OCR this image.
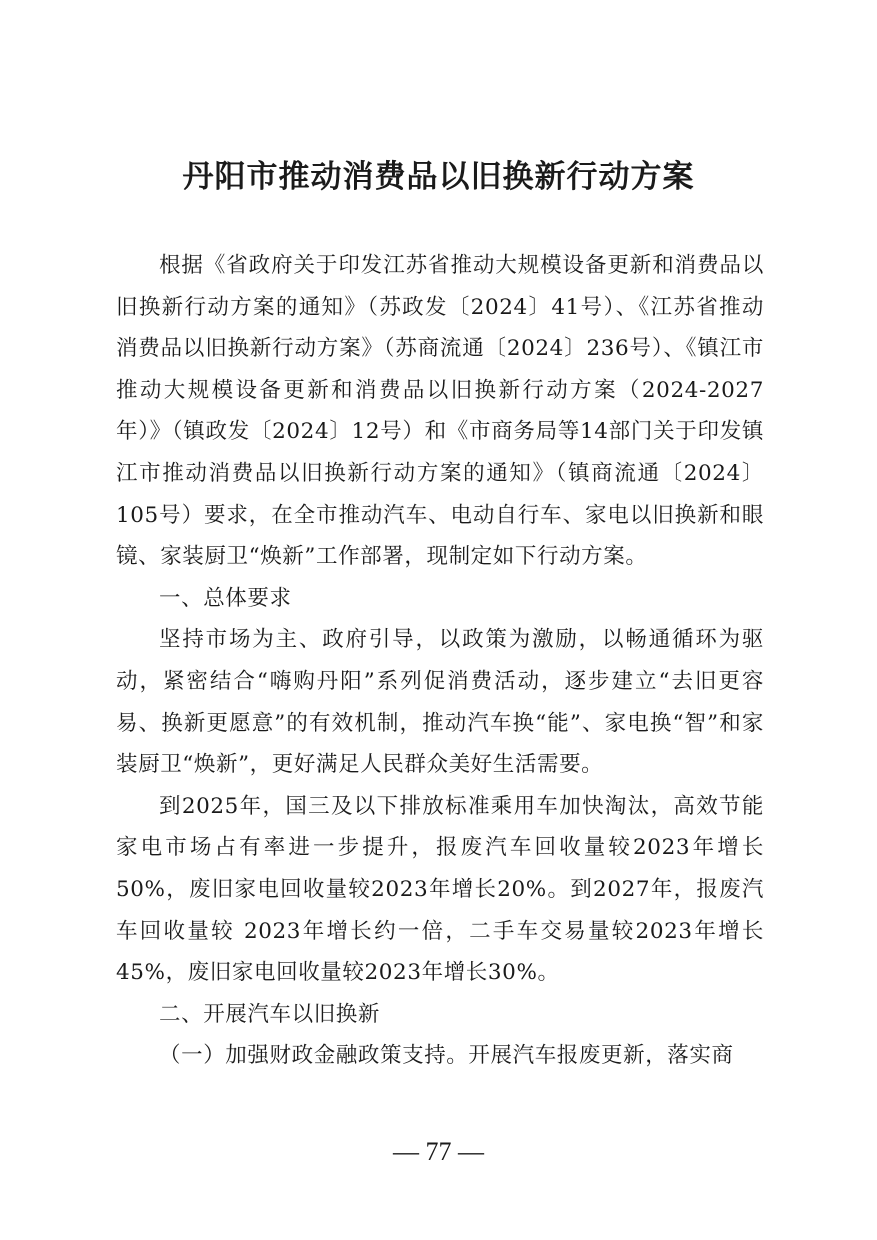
丹阳市推动消费品以旧换新行动方案

根据《省政府关于印发江苏省推动大规模设备更新和消费品以旧换新行动方案的通知》（苏政发〔2024〕41号）、《江苏省推动消费品以旧换新行动方案》（苏商流通〔2024〕236号）、《镇江市推动大规模设备更新和消费品以旧换新行动方案（2024-2027年）》（镇政发〔2024〕12号）和《市商务局等14部门关于印发镇江市推动消费品以旧换新行动方案的通知》（镇商流通〔2024〕105号）要求，在全市推动汽车、电动自行车、家电以旧换新和眼镜、家装厨卫“焕新”工作部署，现制定如下行动方案。

一、总体要求

坚持市场为主、政府引导，以政策为激励，以畅通循环为驱动，紧密结合“嗨购丹阳”系列促消费活动，逐步建立“去旧更容易、换新更愿意”的有效机制，推动汽车换“能”、家电换“智”和家装厨卫“焕新”，更好满足人民群众美好生活需要。

到2025年，国三及以下排放标准乘用车加快淘汰，高效节能家电市场占有率进一步提升，报废汽车回收量较2023年增长50%，废旧家电回收量较2023年增长20%。到2027年，报废汽车回收量较 2023年增长约一倍，二手车交易量较2023年增长45%，废旧家电回收量较2023年增长30%。

二、开展汽车以旧换新

（一）加强财政金融政策支持。开展汽车报废更新，落实商

— 77 —
